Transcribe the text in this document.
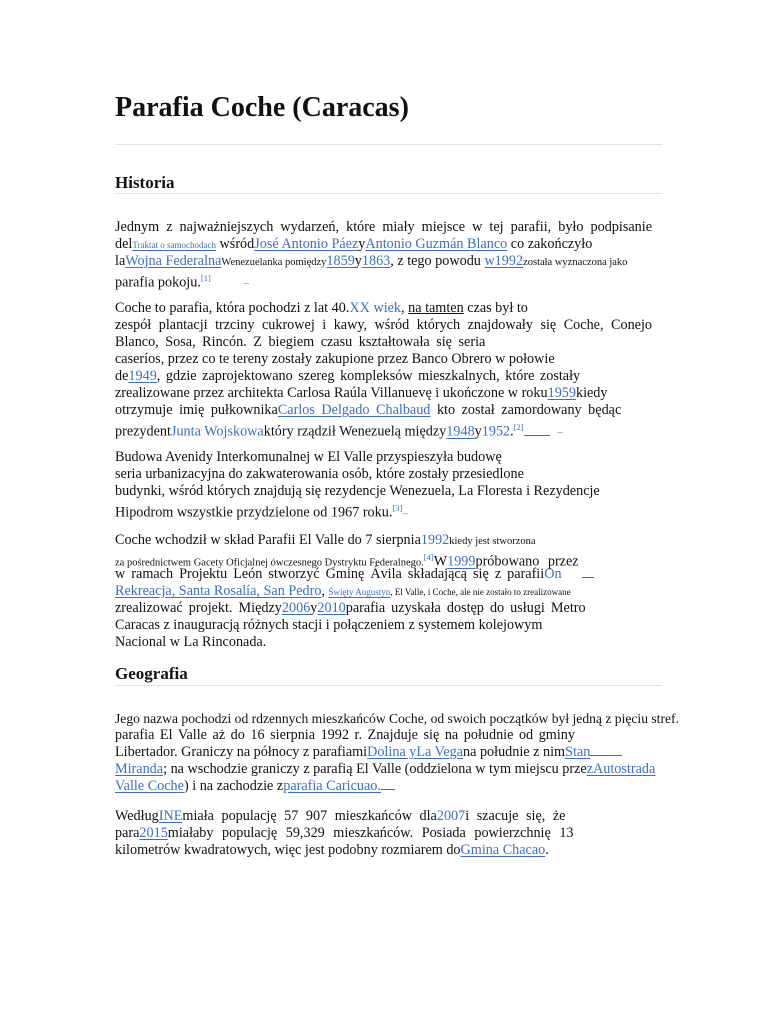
Parafia Coche (Caracas)
Historia
Jednym z najważniejszych wydarzeń, które miały miejsce w tej parafii, było podpisanie
delTraktat o samochodach wśródJosé Antonio PáezyAntonio Guzmán Blanco co zakończyło
laWojna FederalnaWenezuelanka pomiędzy1859y1863, z tego powodu w1992została wyznaczona jako
parafia pokoju.[1]–
Coche to parafia, która pochodzi z lat 40.XX wiek, na tamten czas był to
zespół plantacji trzciny cukrowej i kawy, wśród których znajdowały się Coche, Conejo
Blanco, Sosa, Rincón. Z biegiem czasu kształtowała się seria
caseríos, przez co te tereny zostały zakupione przez Banco Obrero w połowie
de1949, gdzie zaprojektowano szereg kompleksów mieszkalnych, które zostały
zrealizowane przez architekta Carlosa Raúla Villanuevę i ukończone w roku1959kiedy
otrzymuje imię pułkownikaCarlos Delgado Chalbaud kto został zamordowany będąc
prezydentJunta Wojskowaktóry rządził Wenezuelą między1948y1952.[2]–
Budowa Avenidy Interkomunalnej w El Valle przyspieszyła budowę
seria urbanizacyjna do zakwaterowania osób, które zostały przesiedlone
budynki, wśród których znajdują się rezydencje Wenezuela, La Floresta i Rezydencje
Hipodrom wszystkie przydzielone od 1967 roku.[3]–
Coche wchodził w skład Parafii El Valle do 7 sierpnia1992kiedy jest stworzona
za pośrednictwem Gacety Oficjalnej ówczesnego Dystryktu Federalnego.[4]W1999próbowano przez
w ramach Projektu León stworzyć Gminę Ávila składającą się z parafiiOn
Rekreacja, Santa Rosalía, San Pedro, Święty Augustyn, El Valle, i Coche, ale nie zostało to zrealizowane
zrealizować projekt. Między2006y2010parafia uzyskała dostęp do usługi Metro
Caracas z inauguracją różnych stacji i połączeniem z systemem kolejowym
Nacional w La Rinconada.
Geografia
Jego nazwa pochodzi od rdzennych mieszkańców Coche, od swoich początków był jedną z pięciu stref.
parafia El Valle aż do 16 sierpnia 1992 r. Znajduje się na południe od gminy
Libertador. Graniczy na północy z parafiamiDolina yLa Vegana południe z nimStan
Miranda; na wschodzie graniczy z parafią El Valle (oddzielona w tym miejscu przezAutostrada
Valle Coche) i na zachodzie zparafia Caricuao.
WedługINEmiała populację 57 907 mieszkańców dla2007i szacuje się, że
para2015miałaby populację 59,329 mieszkańców. Posiada powierzchnię 13
kilometrów kwadratowych, więc jest podobny rozmiarem doGmina Chacao.
